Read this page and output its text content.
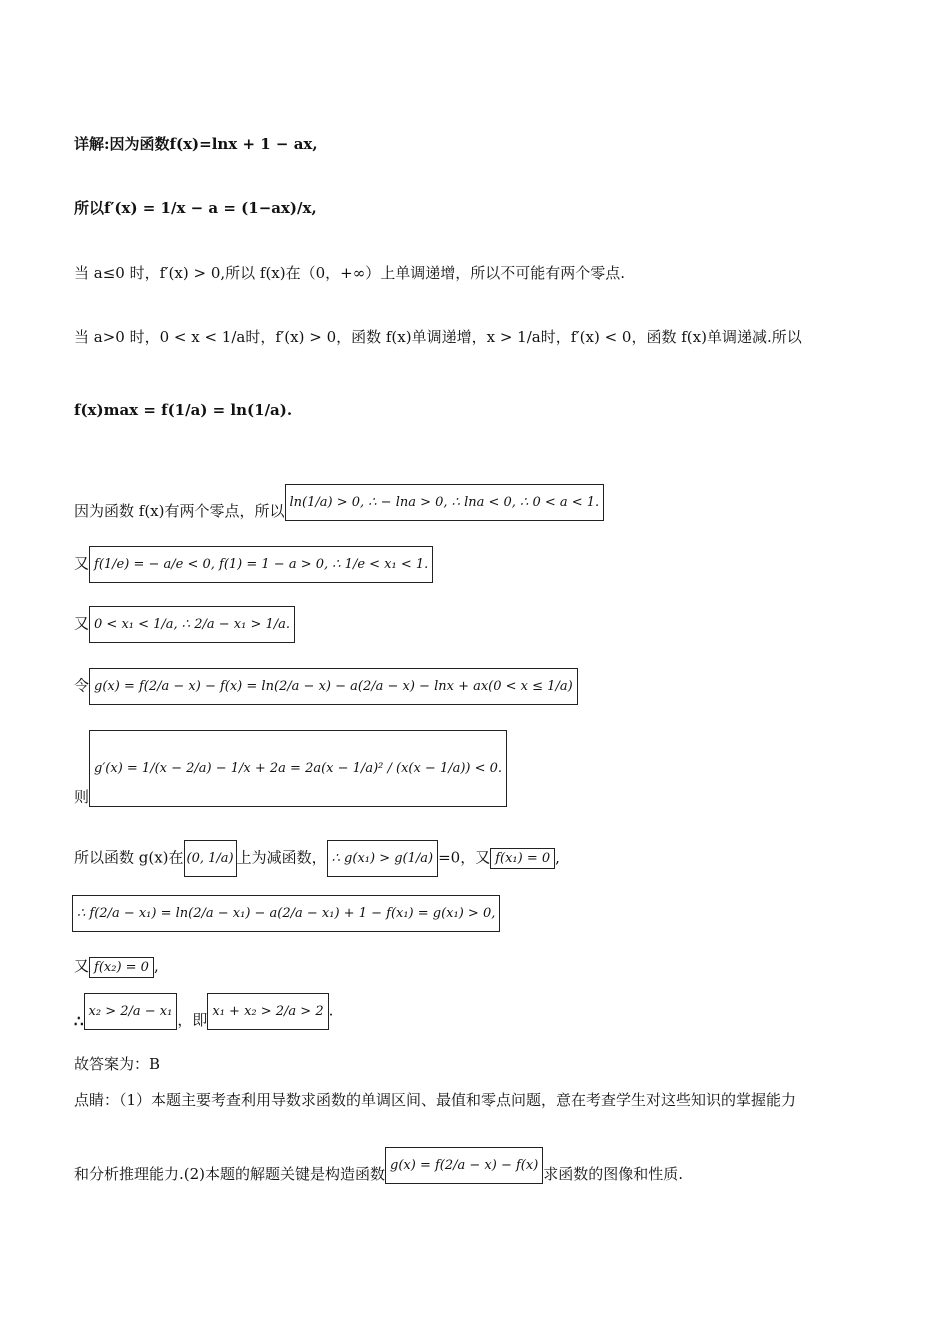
详解:因为函数f(x)=lnx + 1 − ax,
所以f′(x) = 1/x − a = (1−ax)/x,
当 a≤0 时，f′(x) > 0,所以 f(x)在（0，+∞）上单调递增，所以不可能有两个零点.
当 a>0 时，0 < x < 1/a时，f′(x) > 0，函数 f(x)单调递增，x > 1/a时，f′(x) < 0，函数 f(x)单调递减.所以
f(x)max = f(1/a) = ln(1/a).
因为函数 f(x)有两个零点，所以 ln(1/a) > 0, ∴ − lna > 0, ∴ lna < 0, ∴ 0 < a < 1.
又 f(1/e) = − a/e < 0, f(1) = 1 − a > 0, ∴ 1/e < x₁ < 1.
又 0 < x₁ < 1/a, ∴ 2/a − x₁ > 1/a.
令 g(x) = f(2/a − x) − f(x) = ln(2/a − x) − a(2/a − x) − lnx + ax(0 < x ≤ 1/a)
则g′(x) = 1/(x − 2/a) − 1/x + 2a = 2a(x − 1/a)² / (x(x − 1/a)) < 0.
所以函数 g(x)在 (0, 1/a) 上为减函数， ∴ g(x₁) > g(1/a) =0，又 f(x₁) = 0 ,
∴ f(2/a − x₁) = ln(2/a − x₁) − a(2/a − x₁) + 1 − f(x₁) = g(x₁) > 0,
又 f(x₂) = 0 ,
∴x₂ > 2/a − x₁ ，即 x₁ + x₂ > 2/a > 2 .
故答案为：B
点睛：（1）本题主要考查利用导数求函数的单调区间、最值和零点问题，意在考查学生对这些知识的掌握能力
和分析推理能力.(2)本题的解题关键是构造函数 g(x) = f(2/a − x) − f(x) 求函数的图像和性质.
